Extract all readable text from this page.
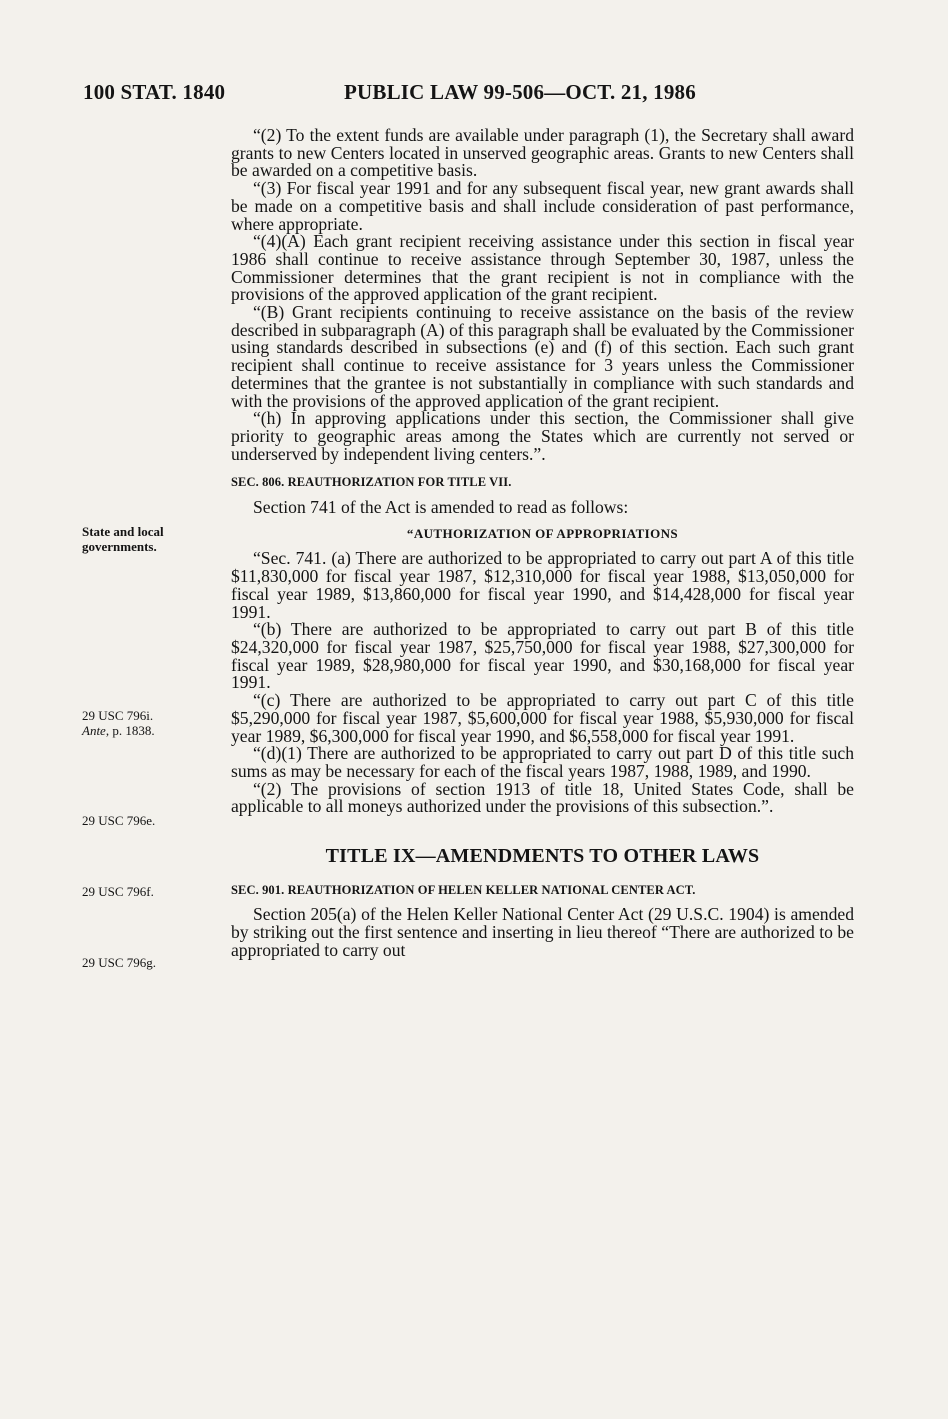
100 STAT. 1840	PUBLIC LAW 99-506—OCT. 21, 1986
State and local
governments.
29 USC 796i.
Ante, p. 1838.
29 USC 796e.
29 USC 796f.
29 USC 796g.

“(2) To the extent funds are available under paragraph (1), the Secretary shall award grants to new Centers located in unserved geographic areas. Grants to new Centers shall be awarded on a competitive basis.

“(3) For fiscal year 1991 and for any subsequent fiscal year, new grant awards shall be made on a competitive basis and shall include consideration of past performance, where appropriate.

“(4)(A) Each grant recipient receiving assistance under this section in fiscal year 1986 shall continue to receive assistance through September 30, 1987, unless the Commissioner determines that the grant recipient is not in compliance with the provisions of the approved application of the grant recipient.

“(B) Grant recipients continuing to receive assistance on the basis of the review described in subparagraph (A) of this paragraph shall be evaluated by the Commissioner using standards described in subsections (e) and (f) of this section. Each such grant recipient shall continue to receive assistance for 3 years unless the Commissioner determines that the grantee is not substantially in compliance with such standards and with the provisions of the approved application of the grant recipient.

“(h) In approving applications under this section, the Commissioner shall give priority to geographic areas among the States which are currently not served or underserved by independent living centers.”.

SEC. 806. REAUTHORIZATION FOR TITLE VII.

Section 741 of the Act is amended to read as follows:

“AUTHORIZATION OF APPROPRIATIONS

“Sec. 741. (a) There are authorized to be appropriated to carry out part A of this title $11,830,000 for fiscal year 1987, $12,310,000 for fiscal year 1988, $13,050,000 for fiscal year 1989, $13,860,000 for fiscal year 1990, and $14,428,000 for fiscal year 1991.

“(b) There are authorized to be appropriated to carry out part B of this title $24,320,000 for fiscal year 1987, $25,750,000 for fiscal year 1988, $27,300,000 for fiscal year 1989, $28,980,000 for fiscal year 1990, and $30,168,000 for fiscal year 1991.

“(c) There are authorized to be appropriated to carry out part C of this title $5,290,000 for fiscal year 1987, $5,600,000 for fiscal year 1988, $5,930,000 for fiscal year 1989, $6,300,000 for fiscal year 1990, and $6,558,000 for fiscal year 1991.

“(d)(1) There are authorized to be appropriated to carry out part D of this title such sums as may be necessary for each of the fiscal years 1987, 1988, 1989, and 1990.

“(2) The provisions of section 1913 of title 18, United States Code, shall be applicable to all moneys authorized under the provisions of this subsection.”.

TITLE IX—AMENDMENTS TO OTHER LAWS

SEC. 901. REAUTHORIZATION OF HELEN KELLER NATIONAL CENTER ACT.

Section 205(a) of the Helen Keller National Center Act (29 U.S.C. 1904) is amended by striking out the first sentence and inserting in lieu thereof “There are authorized to be appropriated to carry out
